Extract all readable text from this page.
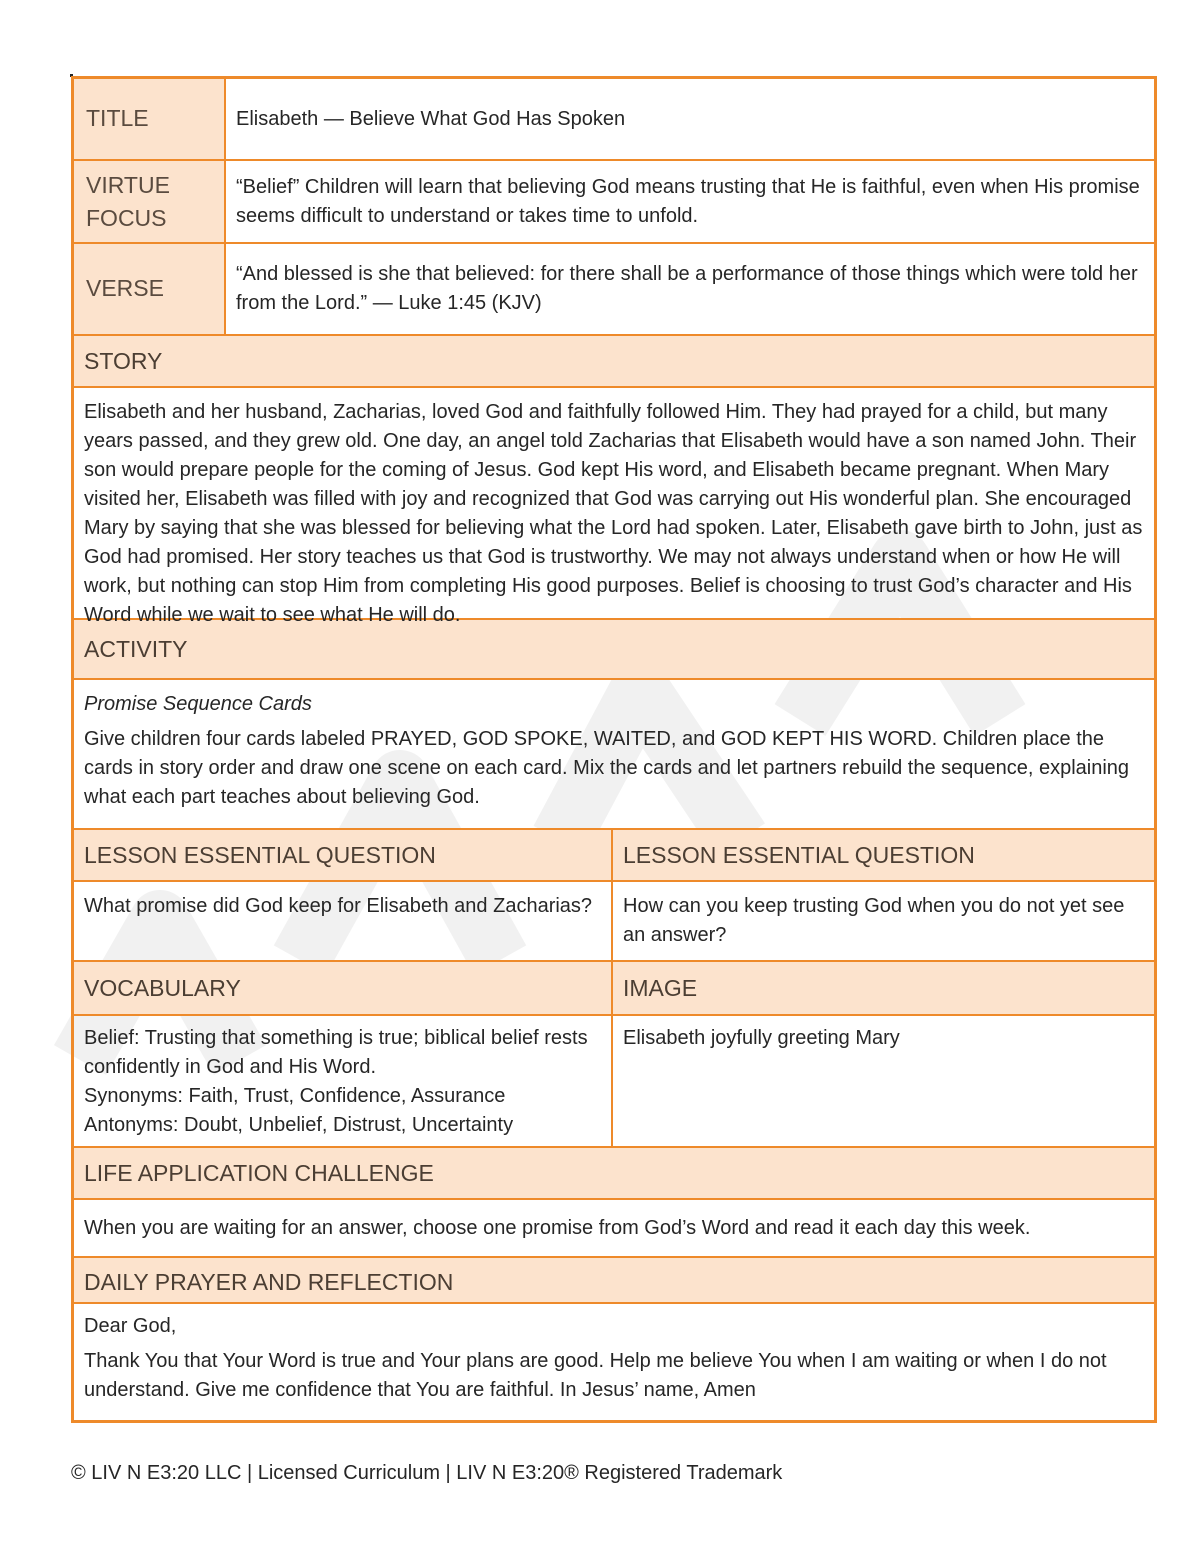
TITLE	Elisabeth — Believe What God Has Spoken
VIRTUE
FOCUS
“Belief” Children will learn that believing God means trusting that He is faithful, even when His promise seems difficult to understand or takes time to unfold.
VERSE
“And blessed is she that believed: for there shall be a performance of those things which were told her from the Lord.” — Luke 1:45 (KJV)
STORY
Elisabeth and her husband, Zacharias, loved God and faithfully followed Him. They had prayed for a child, but many years passed, and they grew old. One day, an angel told Zacharias that Elisabeth would have a son named John. Their son would prepare people for the coming of Jesus. God kept His word, and Elisabeth became pregnant. When Mary visited her, Elisabeth was filled with joy and recognized that God was carrying out His wonderful plan. She encouraged Mary by saying that she was blessed for believing what the Lord had spoken. Later, Elisabeth gave birth to John, just as God had promised. Her story teaches us that God is trustworthy. We may not always understand when or how He will work, but nothing can stop Him from completing His good purposes. Belief is choosing to trust God’s character and His Word while we wait to see what He will do.
ACTIVITY

Promise Sequence Cards

Give children four cards labeled PRAYED, GOD SPOKE, WAITED, and GOD KEPT HIS WORD. Children place the cards in story order and draw one scene on each card. Mix the cards and let partners rebuild the sequence, explaining what each part teaches about believing God.

LESSON ESSENTIAL QUESTION
What promise did God keep for Elisabeth and Zacharias?
LESSON ESSENTIAL QUESTION
How can you keep trusting God when you do not yet see an answer?
VOCABULARY

Belief: Trusting that something is true; biblical belief rests confidently in God and His Word.

Synonyms: Faith, Trust, Confidence, Assurance

Antonyms: Doubt, Unbelief, Distrust, Uncertainty

IMAGE
Elisabeth joyfully greeting Mary
LIFE APPLICATION CHALLENGE
When you are waiting for an answer, choose one promise from God’s Word and read it each day this week.
DAILY PRAYER AND REFLECTION

Dear God,

Thank You that Your Word is true and Your plans are good. Help me believe You when I am waiting or when I do not understand. Give me confidence that You are faithful. In Jesus’ name, Amen

© LIV N E3:20 LLC | Licensed Curriculum | LIV N E3:20® Registered Trademark
